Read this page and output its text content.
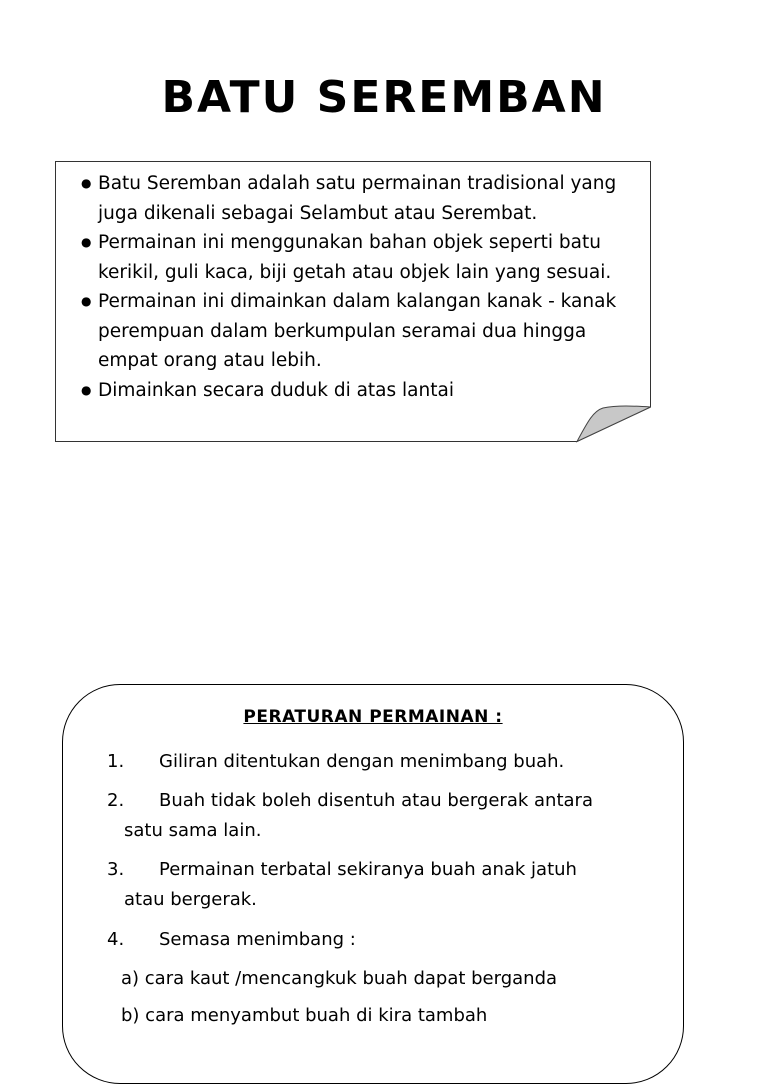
BATU SEREMBAN
● Batu Seremban adalah satu permainan tradisional yang
juga dikenali sebagai Selambut atau Serembat.
● Permainan ini menggunakan bahan objek seperti batu
kerikil, guli kaca, biji getah atau objek lain yang sesuai.
● Permainan ini dimainkan dalam kalangan kanak - kanak
perempuan dalam berkumpulan seramai dua hingga
empat orang atau lebih.
● Dimainkan secara duduk di atas lantai
PERATURAN PERMAINAN :
1. Giliran ditentukan dengan menimbang buah.
2. Buah tidak boleh disentuh atau bergerak antara
satu sama lain.
3. Permainan terbatal sekiranya buah anak jatuh
atau bergerak.
4. Semasa menimbang :
a) cara kaut /mencangkuk buah dapat berganda
b) cara menyambut buah di kira tambah
